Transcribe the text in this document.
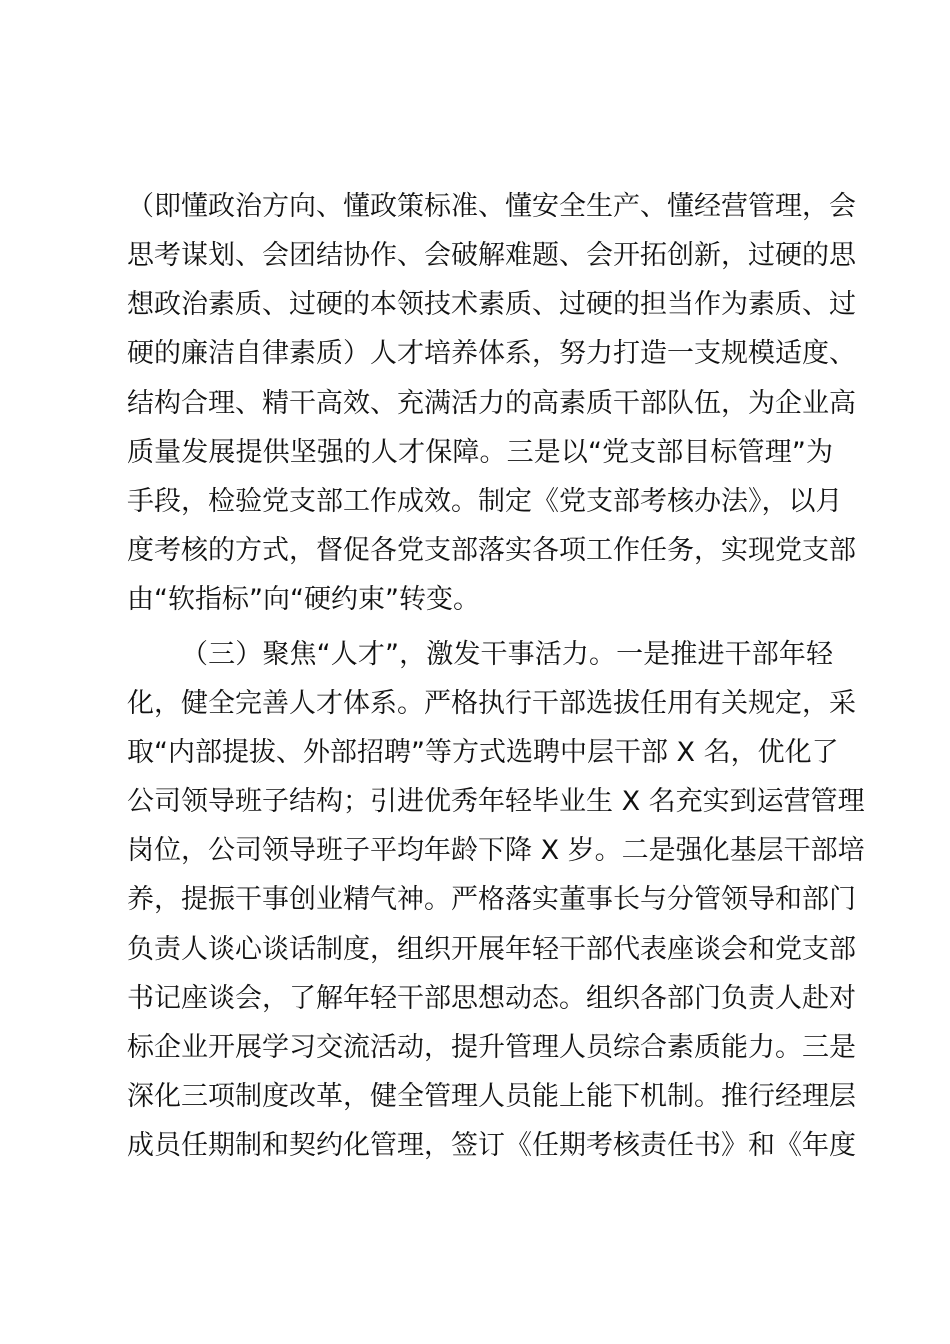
（即懂政治方向、懂政策标准、懂安全生产、懂经营管理，会
思考谋划、会团结协作、会破解难题、会开拓创新，过硬的思
想政治素质、过硬的本领技术素质、过硬的担当作为素质、过
硬的廉洁自律素质）人才培养体系，努力打造一支规模适度、
结构合理、精干高效、充满活力的高素质干部队伍，为企业高
质量发展提供坚强的人才保障。三是以“党支部目标管理”为
手段，检验党支部工作成效。制定《党支部考核办法》，以月
度考核的方式，督促各党支部落实各项工作任务，实现党支部
由“软指标”向“硬约束”转变。
（三）聚焦“人才”，激发干事活力。一是推进干部年轻
化，健全完善人才体系。严格执行干部选拔任用有关规定，采
取“内部提拔、外部招聘”等方式选聘中层干部 X 名，优化了
公司领导班子结构；引进优秀年轻毕业生 X 名充实到运营管理
岗位，公司领导班子平均年龄下降 X 岁。二是强化基层干部培
养，提振干事创业精气神。严格落实董事长与分管领导和部门
负责人谈心谈话制度，组织开展年轻干部代表座谈会和党支部
书记座谈会，了解年轻干部思想动态。组织各部门负责人赴对
标企业开展学习交流活动，提升管理人员综合素质能力。三是
深化三项制度改革，健全管理人员能上能下机制。推行经理层
成员任期制和契约化管理，签订《任期考核责任书》和《年度
